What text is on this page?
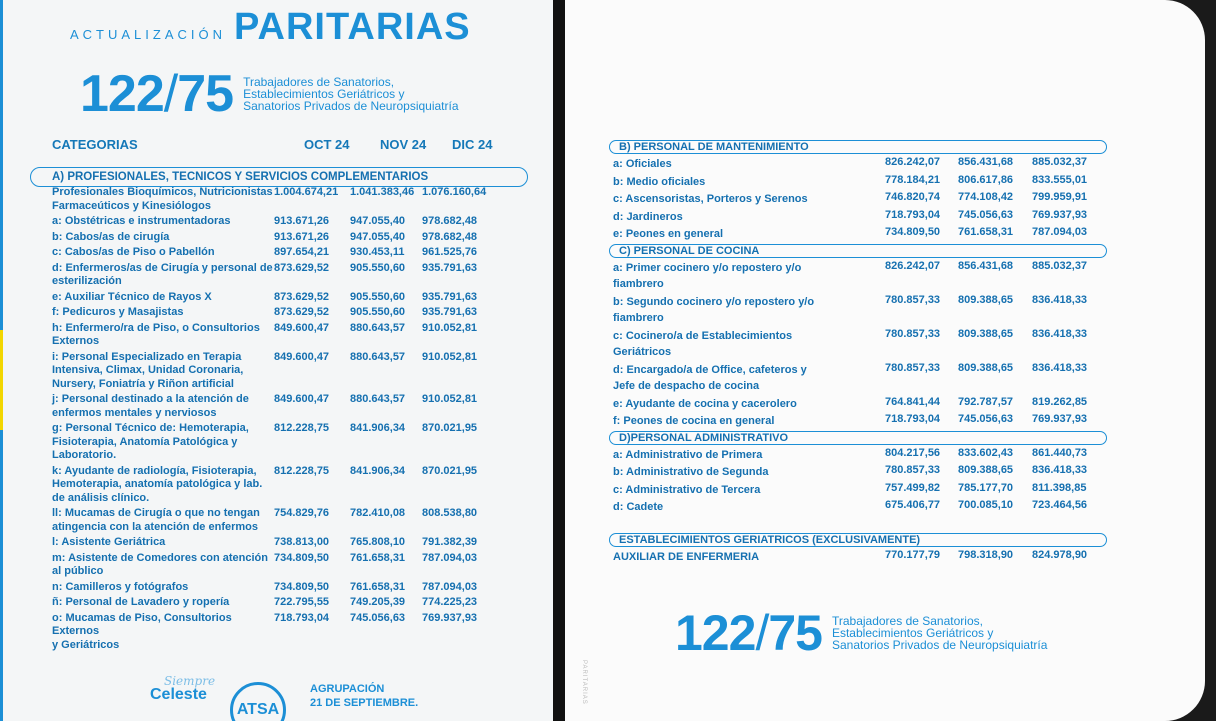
ACTUALIZACIÓN PARITARIAS
122/75 Trabajadores de Sanatorios,
Establecimientos Geriátricos y
Sanatorios Privados de Neuropsiquiatría
CATEGORIAS	OCT 24 NOV 24 DIC 24
A) PROFESIONALES, TECNICOS Y SERVICIOS COMPLEMENTARIOS
Profesionales Bioquímicos, Nutricionistas
Farmaceúticos y Kinesiólogos
1.004.674,21 1.041.383,46 1.076.160,64
a: Obstétricas e instrumentadoras	913.671,26 947.055,40 978.682,48
b: Cabos/as de cirugía	913.671,26 947.055,40 978.682,48
c: Cabos/as de Piso o Pabellón	897.654,21 930.453,11 961.525,76
d: Enfermeros/as de Cirugía y personal de
esterilización
873.629,52 905.550,60 935.791,63
e: Auxiliar Técnico de Rayos X	873.629,52 905.550,60 935.791,63
f: Pedicuros y Masajistas	873.629,52 905.550,60 935.791,63
h: Enfermero/ra de Piso, o Consultorios
Externos
849.600,47 880.643,57 910.052,81
i: Personal Especializado en Terapia
Intensiva, Climax, Unidad Coronaria,
Nursery, Foniatría y Riñon artificial
849.600,47 880.643,57 910.052,81
j: Personal destinado a la atención de
enfermos mentales y nerviosos
849.600,47 880.643,57 910.052,81
g: Personal Técnico de: Hemoterapia,
Fisioterapia, Anatomía Patológica y
Laboratorio.
812.228,75 841.906,34 870.021,95
k: Ayudante de radiología, Fisioterapia,
Hemoterapia, anatomía patológica y lab.
de análisis clínico.
812.228,75 841.906,34 870.021,95
ll: Mucamas de Cirugía o que no tengan
atingencia con la atención de enfermos
754.829,76 782.410,08 808.538,80
l: Asistente Geriátrica	738.813,00 765.808,10 791.382,39
m: Asistente de Comedores con atención
al público
734.809,50 761.658,31 787.094,03
n: Camilleros y fotógrafos	734.809,50 761.658,31 787.094,03
ñ: Personal de Lavadero y ropería	722.795,55 749.205,39 774.225,23
o: Mucamas de Piso, Consultorios Externos
y Geriátricos
718.793,04 745.056,63 769.937,93
Siempre
Celeste
ATSA
AGRUPACIÓN
21 DE SEPTIEMBRE.
B) PERSONAL DE MANTENIMIENTO
a: Oficiales	826.242,07 856.431,68 885.032,37
b: Medio oficiales	778.184,21 806.617,86 833.555,01
c: Ascensoristas, Porteros y Serenos	746.820,74 774.108,42 799.959,91
d: Jardineros	718.793,04 745.056,63 769.937,93
e: Peones en general	734.809,50 761.658,31 787.094,03
C) PERSONAL DE COCINA
a: Primer cocinero y/o repostero y/o
fiambrero
826.242,07 856.431,68 885.032,37
b: Segundo cocinero y/o repostero y/o
fiambrero
780.857,33 809.388,65 836.418,33
c: Cocinero/a de Establecimientos
Geriátricos
780.857,33 809.388,65 836.418,33
d: Encargado/a de Office, cafeteros y
Jefe de despacho de cocina
780.857,33 809.388,65 836.418,33
e: Ayudante de cocina y cacerolero	764.841,44 792.787,57 819.262,85
f: Peones de cocina en general	718.793,04 745.056,63 769.937,93
D)PERSONAL ADMINISTRATIVO
a: Administrativo de Primera	804.217,56 833.602,43 861.440,73
b: Administrativo de Segunda	780.857,33 809.388,65 836.418,33
c: Administrativo de Tercera	757.499,82 785.177,70 811.398,85
d: Cadete	675.406,77 700.085,10 723.464,56
ESTABLECIMIENTOS GERIATRICOS (EXCLUSIVAMENTE)
AUXILIAR DE ENFERMERIA	770.177,79 798.318,90 824.978,90
122/75 Trabajadores de Sanatorios,
Establecimientos Geriátricos y
Sanatorios Privados de Neuropsiquiatría
PARITARIAS
